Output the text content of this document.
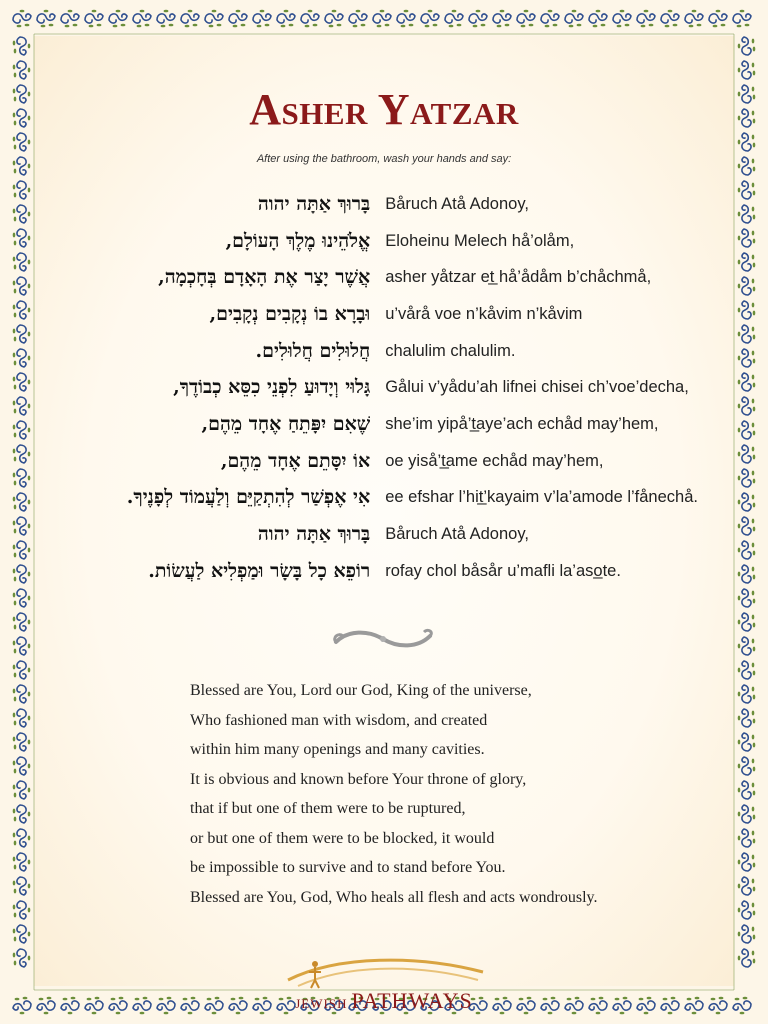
Asher Yatzar
After using the bathroom, wash your hands and say:
בָּרוּךְ אַתָּה יהוה Båruch Atå Adonoy,
אֱלֹהֵינוּ מֶלֶךְ הָעוֹלָם, Eloheinu Melech hå’olåm,
אֲשֶׁר יָצַר אֶת הָאָדָם בְּחָכְמָה, asher yåtzar et̲ hå’ådåm b’chåchmå,
וּבָרָא בוֹ נְקָבִים נְקָבִים, u’vårå voe n’kåvim n’kåvim
חֲלוּלִים חֲלוּלִים. chalulim chalulim.
גָּלוּי וְיָדוּעַ לִפְנֵי כִסֵּא כְבוֹדֶךָ, Gålui v’yådu’ah lifnei chisei ch’voe’decha,
שֶׁאִם יִפָּתֵחַ אֶחָד מֵהֶם, she’im yipå’t̲aye’ach echåd may’hem,
אוֹ יִסָּתֵם אֶחָד מֵהֶם, oe yiså’t̲ame echåd may’hem,
אִי אֶפְשַׁר לְהִתְקַיֵּם וְלַעֲמוֹד לְפָנֶיךָ. ee efshar l’hit̲’kayaim v’la’amode l’fånechå.
בָּרוּךְ אַתָּה יהוה Båruch Atå Adonoy,
רוֹפֵא כָל בָּשָׂר וּמַפְלִיא לַעֲשׂוֹת. rofay chol båsår u’mafli la’aso̲te.
Blessed are You, Lord our God, King of the universe,
Who fashioned man with wisdom, and created
within him many openings and many cavities.
It is obvious and known before Your throne of glory,
that if but one of them were to be ruptured,
or but one of them were to be blocked, it would
be impossible to survive and to stand before You.
Blessed are You, God, Who heals all flesh and acts wondrously.
JEWISH PATHWAYS
